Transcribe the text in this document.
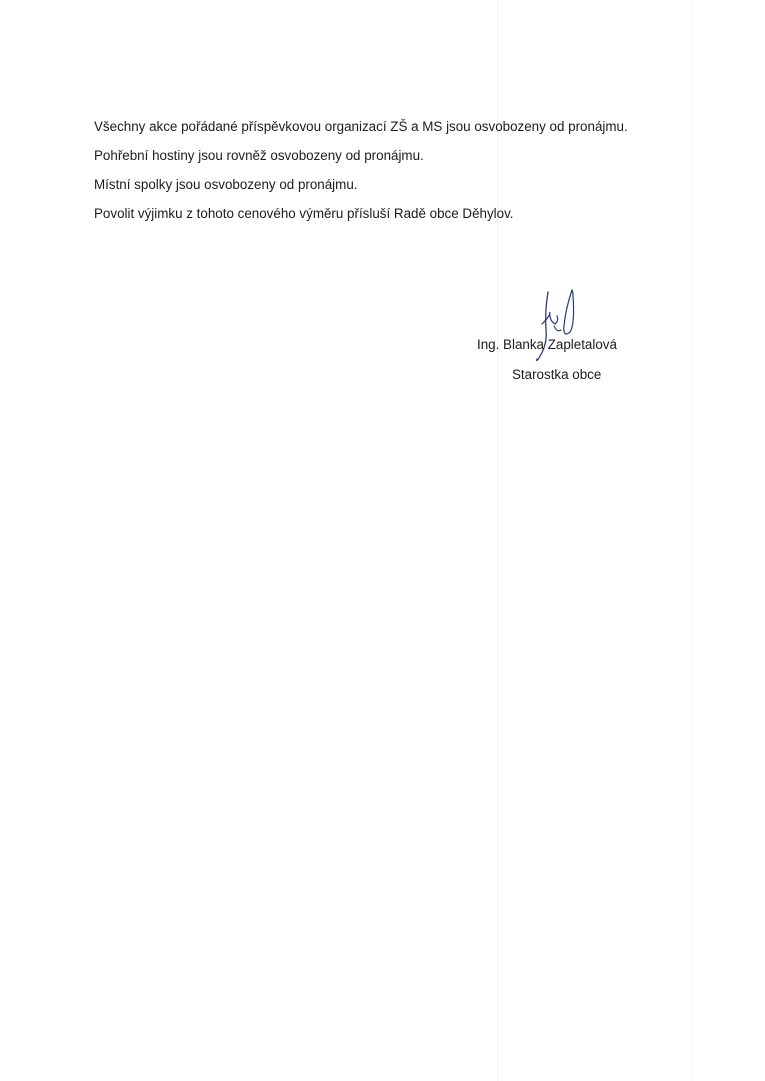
Všechny akce pořádané příspěvkovou organizací ZŠ a MS jsou osvobozeny od pronájmu.

Pohřební hostiny jsou rovněž osvobozeny od pronájmu.

Místní spolky jsou osvobozeny od pronájmu.

Povolit výjimku z tohoto cenového výměru přísluší Radě obce Děhylov.

Ing. Blanka Zapletalová
Starostka obce
